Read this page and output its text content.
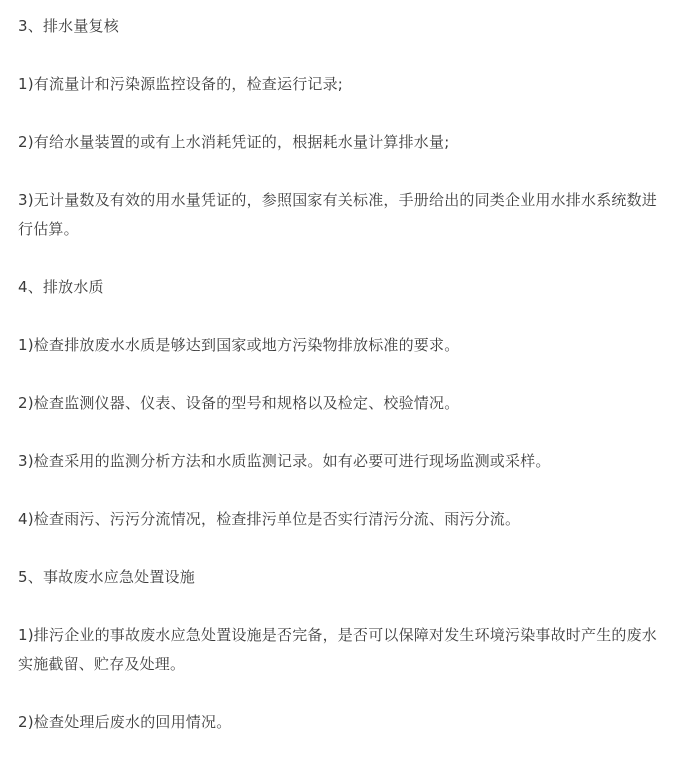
3、排水量复核

1)有流量计和污染源监控设备的，检查运行记录;

2)有给水量装置的或有上水消耗凭证的，根据耗水量计算排水量;

3)无计量数及有效的用水量凭证的，参照国家有关标准，手册给出的同类企业用水排水系统数进行估算。

4、排放水质

1)检查排放废水水质是够达到国家或地方污染物排放标准的要求。

2)检查监测仪器、仪表、设备的型号和规格以及检定、校验情况。

3)检查采用的监测分析方法和水质监测记录。如有必要可进行现场监测或采样。

4)检查雨污、污污分流情况，检查排污单位是否实行清污分流、雨污分流。

5、事故废水应急处置设施

1)排污企业的事故废水应急处置设施是否完备，是否可以保障对发生环境污染事故时产生的废水实施截留、贮存及处理。

2)检查处理后废水的回用情况。
